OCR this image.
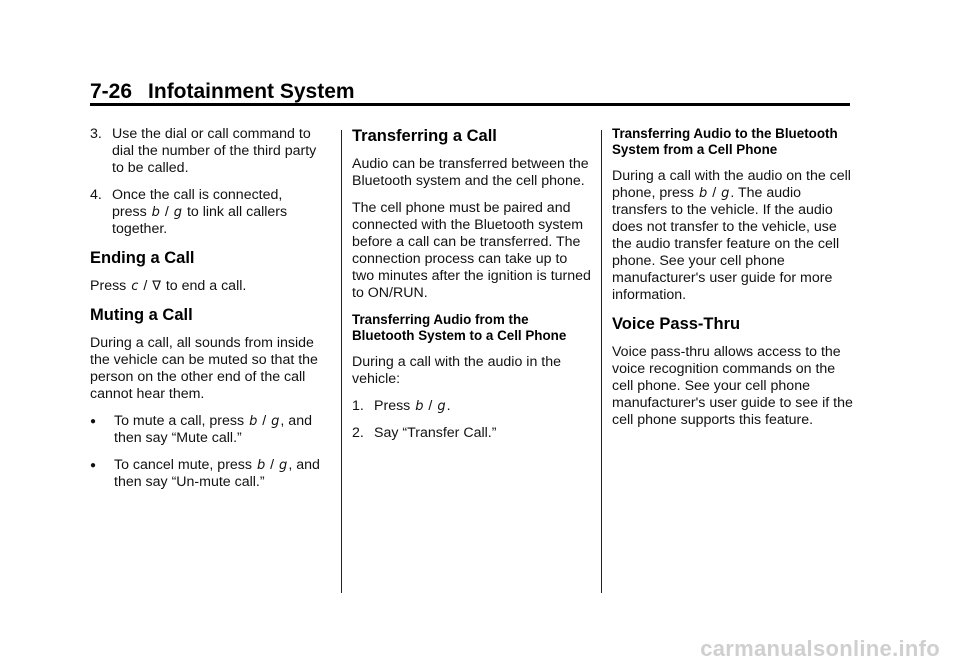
7-26 Infotainment System
3. Use the dial or call command to dial the number of the third party to be called.
4. Once the call is connected,
press b / g to link all callers together.
Ending a Call

Press c / ∇ to end a call.

Muting a Call

During a call, all sounds from inside the vehicle can be muted so that the person on the other end of the call cannot hear them.

●	To mute a call, press b / g, and then say “Mute call.”
●	To cancel mute, press b / g, and then say “Un-mute call.”
Transferring a Call

Audio can be transferred between the Bluetooth system and the cell phone.

The cell phone must be paired and connected with the Bluetooth system before a call can be transferred. The connection process can take up to two minutes after the ignition is turned to ON/RUN.

Transferring Audio from the Bluetooth System to a Cell Phone

During a call with the audio in the vehicle:

1. Press b / g.
2. Say “Transfer Call.”
Transferring Audio to the Bluetooth System from a Cell Phone

During a call with the audio on the cell phone, press b / g. The audio transfers to the vehicle. If the audio does not transfer to the vehicle, use the audio transfer feature on the cell phone. See your cell phone manufacturer's user guide for more information.

Voice Pass-Thru

Voice pass-thru allows access to the voice recognition commands on the cell phone. See your cell phone manufacturer's user guide to see if the cell phone supports this feature.

carmanualsonline.info
